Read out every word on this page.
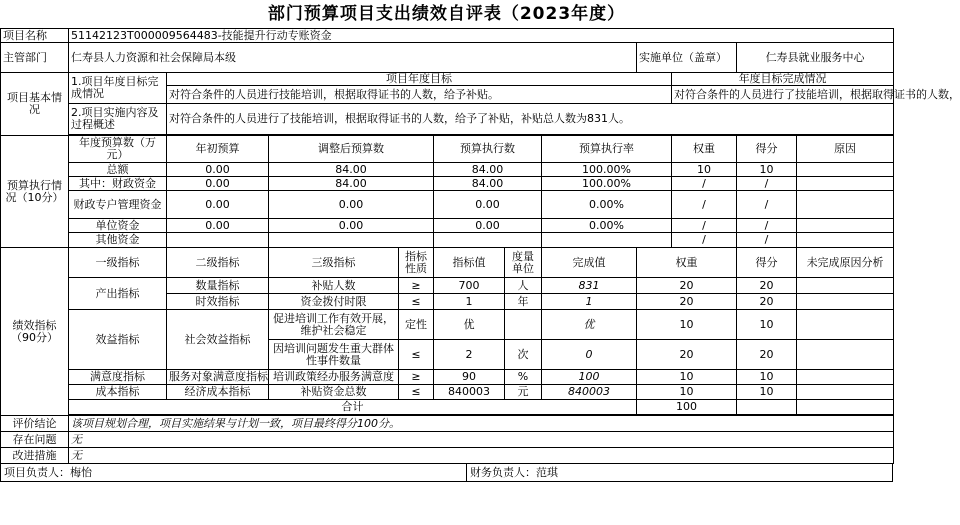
部门预算项目支出绩效自评表（2023年度）
项目名称	51142123T000009564483-技能提升行动专账资金										
主管部门	仁寿县人力资源和社会保障局本级							实施单位（盖章）		仁寿县就业服务中心	
项目基本情况	1.项目年度目标完成情况	项目年度目标							年度目标完成情况		
		对符合条件的人员进行技能培训，根据取得证书的人数，给予补贴。							对符合条件的人员进行了技能培训，根据取得证书的人数，		
	2.项目实施内容及过程概述	对符合条件的人员进行了技能培训，根据取得证书的人数，给予了补贴，补贴总人数为831人。									

预算执行情况（10分）	年度预算数（万元）	年初预算	调整后预算数		预算执行数		预算执行率		权重	得分	原因
	总额	0.00	84.00		84.00		100.00%		10	10	
	其中：财政资金	0.00	84.00		84.00		100.00%		/	/	
	财政专户管理资金	0.00	0.00		0.00		0.00%		/	/	
	单位资金	0.00	0.00		0.00		0.00%		/	/	
	其他资金								/	/	
绩效指标（90分）	一级指标	二级指标	三级指标	指标性质	指标值	度量单位	完成值	权重		得分	未完成原因分析
	产出指标	数量指标	补贴人数	≥	700	人	831	20		20	
		时效指标	资金拨付时限	≤	1	年	1	20		20	
	效益指标	社会效益指标	促进培训工作有效开展，维护社会稳定	定性	优		优	10		10	
			因培训问题发生重大群体性事件数量	≤	2	次	0	20		20	
	满意度指标	服务对象满意度指标	培训政策经办服务满意度	≥	90	%	100	10		10	
	成本指标	经济成本指标	补贴资金总数	≤	840003	元	840003	10		10	
	合计							100			

评价结论	该项目规划合理，项目实施结果与计划一致，项目最终得分100分。										
存在问题	无										
改进措施	无										
项目负责人：梅怡	财务负责人：范琪
